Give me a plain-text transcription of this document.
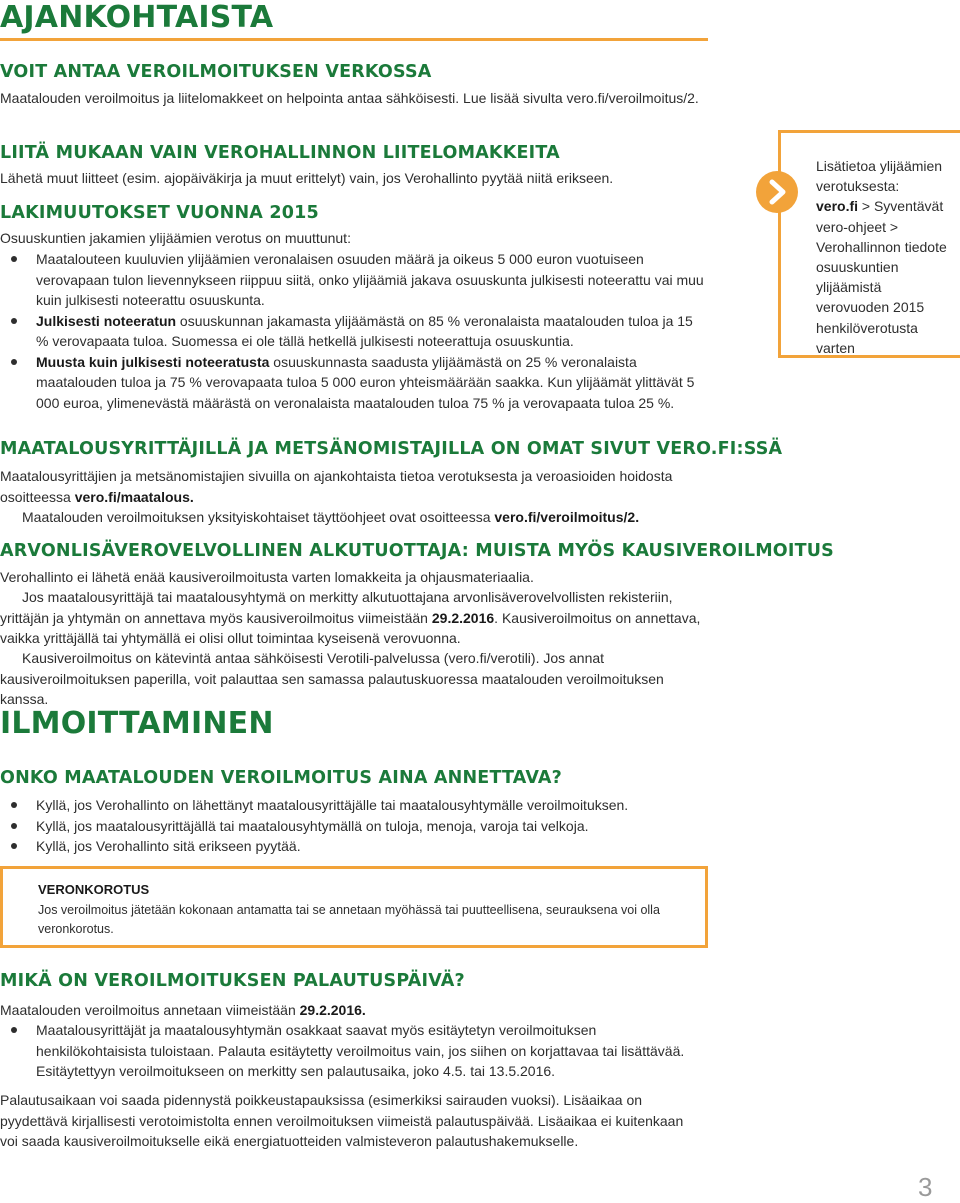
AJANKOHTAISTA
VOIT ANTAA VEROILMOITUKSEN VERKOSSA

Maatalouden veroilmoitus ja liitelomakkeet on helpointa antaa sähköisesti. Lue lisää sivulta vero.fi/veroilmoitus/2.

LIITÄ MUKAAN VAIN VEROHALLINNON LIITELOMAKKEITA

Lähetä muut liitteet (esim. ajopäiväkirja ja muut erittelyt) vain, jos Verohallinto pyytää niitä erikseen.

LAKIMUUTOKSET VUONNA 2015

Osuuskuntien jakamien ylijäämien verotus on muuttunut:

Maatalouteen kuuluvien ylijäämien veronalaisen osuuden määrä ja oikeus 5 000 euron vuotuiseen verovapaan tulon lievennykseen riippuu siitä, onko ylijäämiä jakava osuuskunta julkisesti noteerattu vai muu kuin julkisesti noteerattu osuuskunta.
Julkisesti noteeratun osuuskunnan jakamasta ylijäämästä on 85 % veronalaista maatalouden tuloa ja 15 % verovapaata tuloa. Suomessa ei ole tällä hetkellä julkisesti noteerattuja osuuskuntia.
Muusta kuin julkisesti noteeratusta osuuskunnasta saadusta ylijäämästä on 25 % veronalaista maatalouden tuloa ja 75 % verovapaata tuloa 5 000 euron yhteismäärään saakka. Kun ylijäämät ylittävät 5 000 euroa, ylimenevästä määrästä on veronalaista maatalouden tuloa 75 % ja verovapaata tuloa 25 %.
MAATALOUSYRITTÄJILLÄ JA METSÄNOMISTAJILLA ON OMAT SIVUT VERO.FI:SSÄ

Maatalousyrittäjien ja metsänomistajien sivuilla on ajankohtaista tietoa verotuksesta ja veroasioiden hoidosta osoitteessa vero.fi/maatalous.

Maatalouden veroilmoituksen yksityiskohtaiset täyttöohjeet ovat osoitteessa vero.fi/veroilmoitus/2.

ARVONLISÄVEROVELVOLLINEN ALKUTUOTTAJA: MUISTA MYÖS KAUSIVEROILMOITUS

Verohallinto ei lähetä enää kausiveroilmoitusta varten lomakkeita ja ohjausmateriaalia.

Jos maatalousyrittäjä tai maatalousyhtymä on merkitty alkutuottajana arvonlisäverovelvollisten rekisteriin, yrittäjän ja yhtymän on annettava myös kausiveroilmoitus viimeistään 29.2.2016. Kausiveroilmoitus on annettava, vaikka yrittäjällä tai yhtymällä ei olisi ollut toimintaa kyseisenä verovuonna.

Kausiveroilmoitus on kätevintä antaa sähköisesti Verotili-palvelussa (vero.fi/verotili). Jos annat kausiveroilmoituksen paperilla, voit palauttaa sen samassa palautuskuoressa maatalouden veroilmoituksen kanssa.

ILMOITTAMINEN
ONKO MAATALOUDEN VEROILMOITUS AINA ANNETTAVA?
Kyllä, jos Verohallinto on lähettänyt maatalousyrittäjälle tai maatalousyhtymälle veroilmoituksen.
Kyllä, jos maatalousyrittäjällä tai maatalousyhtymällä on tuloja, menoja, varoja tai velkoja.
Kyllä, jos Verohallinto sitä erikseen pyytää.
MIKÄ ON VEROILMOITUKSEN PALAUTUSPÄIVÄ?

Maatalouden veroilmoitus annetaan viimeistään 29.2.2016.

Maatalousyrittäjät ja maatalousyhtymän osakkaat saavat myös esitäytetyn veroilmoituksen henkilökohtaisista tuloistaan. Palauta esitäytetty veroilmoitus vain, jos siihen on korjattavaa tai lisättävää. Esitäytettyyn veroilmoitukseen on merkitty sen palautusaika, joko 4.5. tai 13.5.2016.

Palautusaikaan voi saada pidennystä poikkeustapauksissa (esimerkiksi sairauden vuoksi). Lisäaikaa on pyydettävä kirjallisesti verotoimistolta ennen veroilmoituksen viimeistä palautuspäivää. Lisäaikaa ei kuitenkaan voi saada kausiveroilmoitukselle eikä energiatuotteiden valmisteveron palautushakemukselle.

VERONKOROTUS

Jos veroilmoitus jätetään kokonaan antamatta tai se annetaan myöhässä tai puutteellisena, seurauksena voi olla veronkorotus.

Lisätietoa ylijäämien verotuksesta:
vero.fi > Syventävät vero-ohjeet > Verohallinnon tiedote osuuskuntien ylijäämistä verovuoden 2015 henkilöverotusta varten

3
